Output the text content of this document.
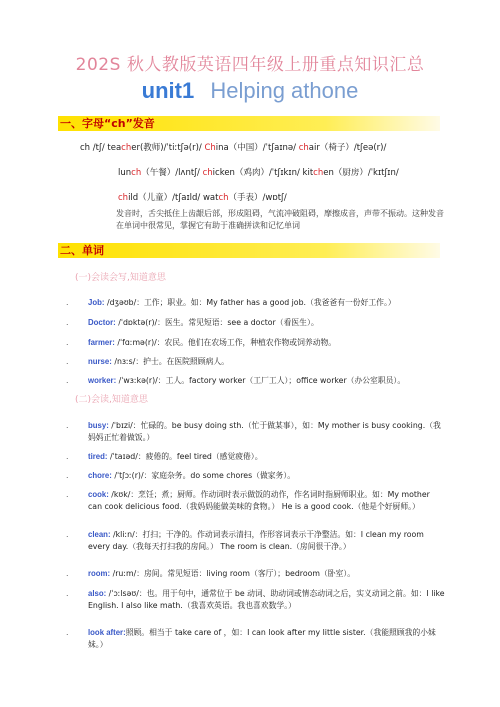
202S 秋人教版英语四年级上册重点知识汇总
unit1 Helping athone
一、字母“ch”发音
ch /tʃ/ teacher(教师)/ˈtiːtʃə(r)/ China（中国）/ˈtʃaɪnə/ chair（椅子）/tʃeə(r)/
lunch（午餐）/lʌntʃ/ chicken（鸡肉）/ˈtʃɪkɪn/ kitchen（厨房）/ˈkɪtʃɪn/
child（儿童）/tʃaɪld/ watch（手表）/wɒtʃ/
发音时，舌尖抵住上齿龈后部，形成阻碍，气流冲破阻碍，摩擦成音，声带不振动。这种发音在单词中很常见，掌握它有助于准确拼读和记忆单词
二、单词
(一)会读会写,知道意思
.	Job: /dʒəʊb/：工作；职业。如：My father has a good job.（我爸爸有一份好工作。）
.	Doctor: /ˈdɒktə(r)/：医生。常见短语：see a doctor（看医生）。
.	farmer: /ˈfɑːmə(r)/：农民。他们在农场工作，种植农作物或饲养动物。
.	nurse: /nɜːs/：护士。在医院照顾病人。
.	worker: /ˈwɜːkə(r)/：工人。factory worker（工厂工人）；office worker（办公室职员）。
(二)会读,知道意思
.	busy: /ˈbɪzi/：忙碌的。be busy doing sth.（忙于做某事），如：My mother is busy cooking.（我妈妈正忙着做饭。）
.	tired: /ˈtaɪəd/：疲倦的。feel tired（感觉疲倦）。
.	chore: /ˈtʃɔː(r)/：家庭杂务。do some chores（做家务）。
.	cook: /kʊk/：烹饪；煮；厨师。作动词时表示做饭的动作，作名词时指厨师职业。如：My mother can cook delicious food.（我妈妈能做美味的食物。） He is a good cook.（他是个好厨师。）
.	clean: /kliːn/：打扫；干净的。作动词表示清扫，作形容词表示干净整洁。如：I clean my room every day.（我每天打扫我的房间。） The room is clean.（房间很干净。）
.	room: /ruːm/：房间。常见短语：living room（客厅）；bedroom（卧室）。
.	also: /ˈɔːlsəʊ/：也。用于句中，通常位于 be 动词、助动词或情态动词之后，实义动词之前。如：I like English. I also like math.（我喜欢英语。我也喜欢数学。）
.	look after:照顾。相当于 take care of ，如：I can look after my little sister.（我能照顾我的小妹妹。）
